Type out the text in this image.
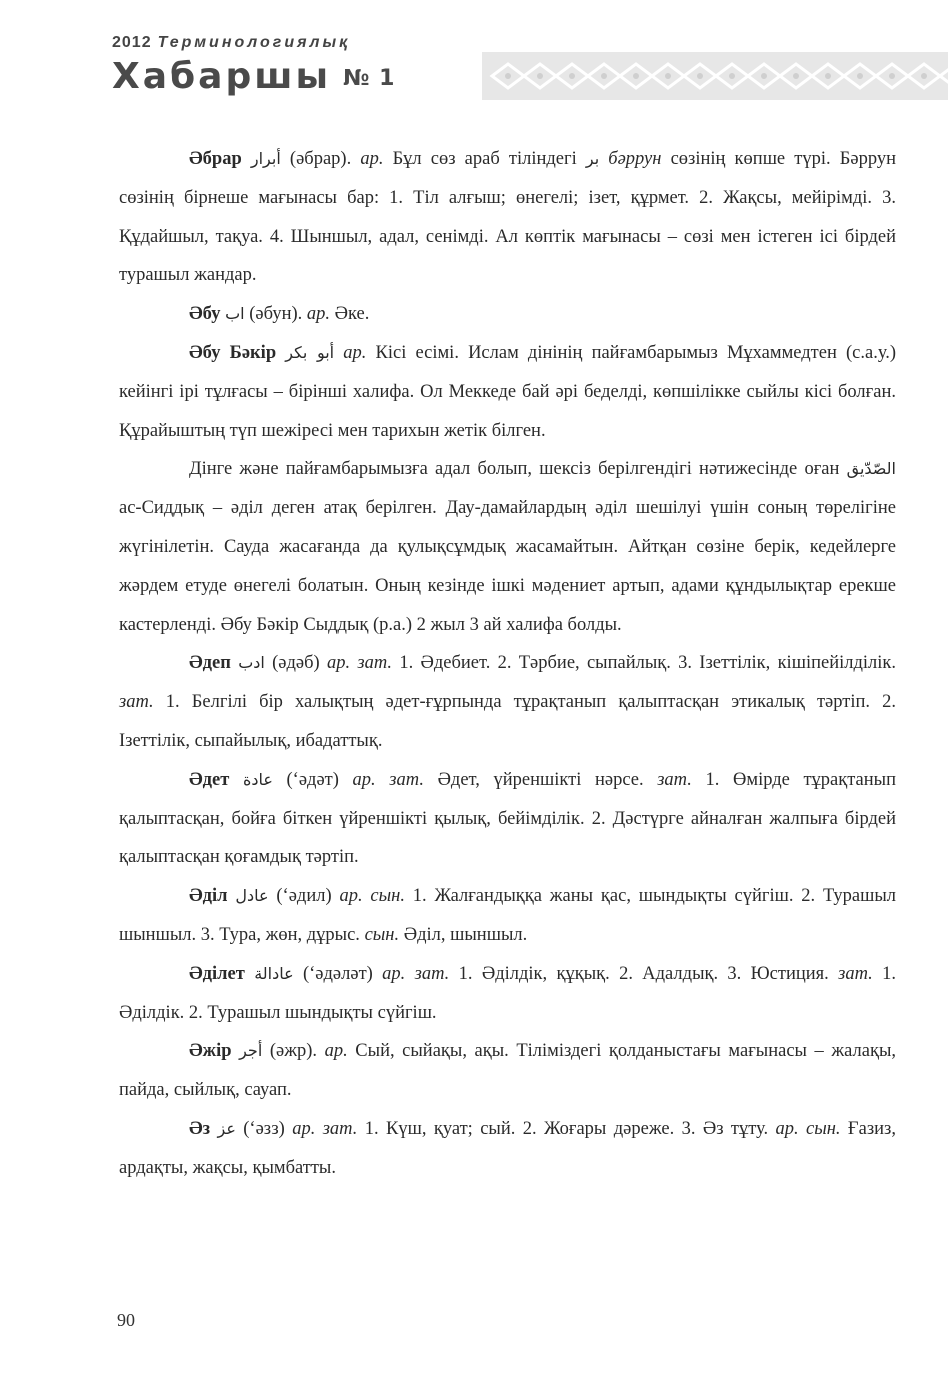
2012 Терминологиялық
Хабаршы № 1

Әбрар أبرار (әбрар). ар. Бұл сөз араб тіліндегі بر бәррун сөзінің көпше түрі. Бәррун сөзінің бірнеше мағынасы бар: 1. Тіл алғыш; өнегелі; ізет, құрмет. 2. Жақсы, мейірімді. 3. Құдайшыл, тақуа. 4. Шыншыл, адал, сенімді. Ал көптік мағынасы – сөзі мен істеген ісі бірдей турашыл жандар.

Әбу اب (әбун). ар. Әке.

Әбу Бәкір أبو بكر ар. Кісі есімі. Ислам дінінің пайғамбарымыз Мұхаммедтен (с.а.у.) кейінгі ірі тұлғасы – бірінші халифа. Ол Меккеде бай әрі беделді, көпшілікке сыйлы кісі болған. Құрайыштың түп шежіресі мен тарихын жетік білген.

Дінге және пайғамбарымызға адал болып, шексіз берілгендігі нәтижесінде оған الصّدّيق ас-Сиддық – әділ деген атақ берілген. Дау-дамайлардың әділ шешілуі үшін соның төрелігіне жүгінілетін. Сауда жасағанда да қулықсұмдық жасамайтын. Айтқан сөзіне берік, кедейлерге жәрдем етуде өнегелі болатын. Оның кезінде ішкі мәдениет артып, адами құндылықтар ерекше кастерленді. Әбу Бәкір Сыддық (р.а.) 2 жыл 3 ай халифа болды.

Әдеп ادب (әдәб) ар. зат. 1. Әдебиет. 2. Тәрбие, сыпайлық. 3. Ізеттілік, кішіпейілділік. зат. 1. Белгілі бір халықтың әдет-ғұрпында тұрақтанып қалыптасқан этикалық тәртіп. 2. Ізеттілік, сыпайылық, ибадаттық.

Әдет عادة (‘әдәт) ар. зат. Әдет, үйреншікті нәрсе. зат. 1. Өмірде тұрақтанып қалыптасқан, бойға біткен үйреншікті қылық, бейімділік. 2. Дәстүрге айналған жалпыға бірдей қалыптасқан қоғамдық тәртіп.

Әділ عادل (‘әдил) ар. сын. 1. Жалғандыққа жаны қас, шындықты сүйгіш. 2. Турашыл шыншыл. 3. Тура, жөн, дұрыс. сын. Әділ, шыншыл.

Әділет عادالة (‘әдәләт) ар. зат. 1. Әділдік, құқық. 2. Адалдық. 3. Юстиция. зат. 1. Әділдік. 2. Турашыл шындықты сүйгіш.

Әжір أجر (әжр). ар. Сый, сыйақы, ақы. Тіліміздегі қолданыстағы мағынасы – жалақы, пайда, сыйлық, сауап.

Әз عز (‘әзз) ар. зат. 1. Күш, қуат; сый. 2. Жоғары дәреже. 3. Әз тұту. ар. сын. Ғазиз, ардақты, жақсы, қымбатты.

90
